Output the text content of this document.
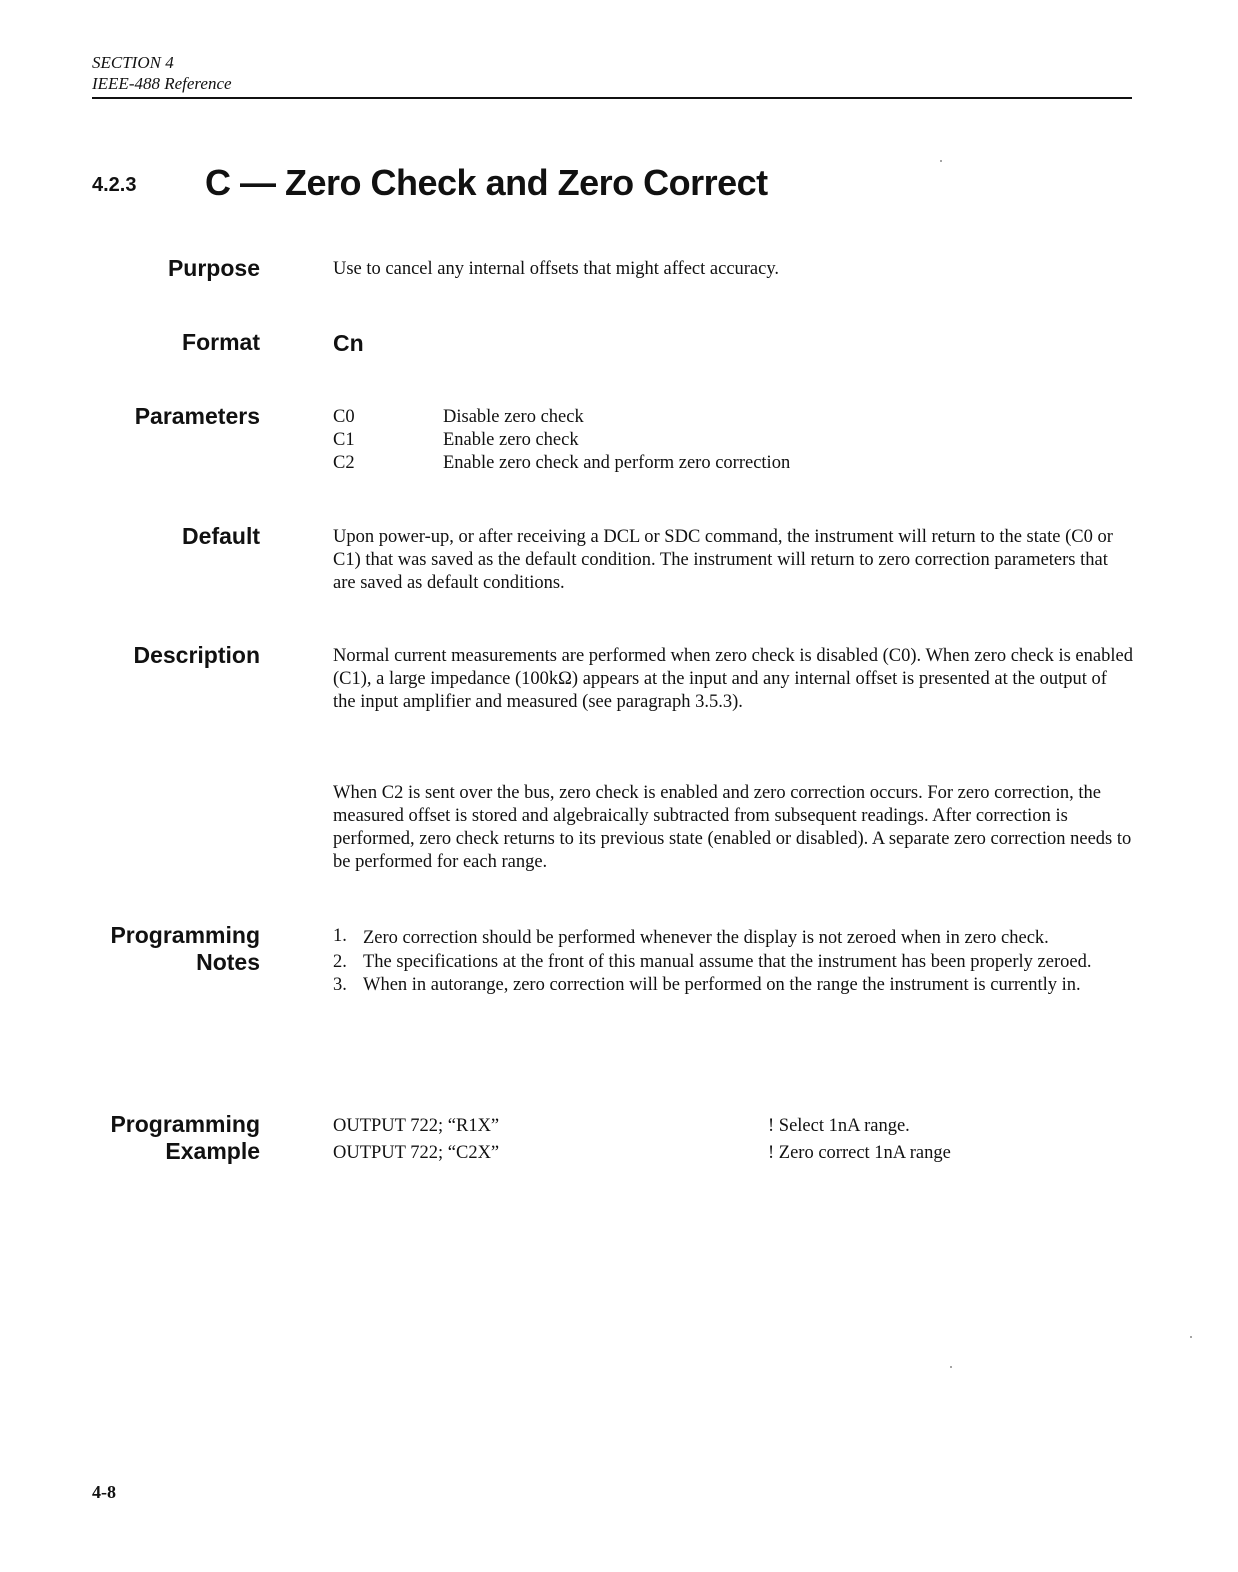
SECTION 4
IEEE-488 Reference
4.2.3 C — Zero Check and Zero Correct
Purpose	Use to cancel any internal offsets that might affect accuracy.
Format	Cn
Parameters	C0	Disable zero check
C1	Enable zero check
C2	Enable zero check and perform zero correction
Default	Upon power-up, or after receiving a DCL or SDC command, the instrument will return to the state (C0 or C1) that was saved as the default condition. The instrument will return to zero correction parameters that are saved as default conditions.
Description	Normal current measurements are performed when zero check is disabled (C0). When zero check is enabled (C1), a large impedance (100kΩ) appears at the input and any internal offset is presented at the output of the input amplifier and measured (see paragraph 3.5.3).
When C2 is sent over the bus, zero check is enabled and zero correction occurs. For zero correction, the measured offset is stored and algebraically subtracted from subsequent readings. After correction is performed, zero check returns to its previous state (enabled or disabled). A separate zero correction needs to be performed for each range.
Programming
Notes
1. Zero correction should be performed whenever the display is not zeroed when in zero check.
2. The specifications at the front of this manual assume that the instrument has been properly zeroed.
3. When in autorange, zero correction will be performed on the range the instrument is currently in.
Programming
Example
OUTPUT 722; “R1X”	! Select 1nA range.
OUTPUT 722; “C2X”	! Zero correct 1nA range
4-8
